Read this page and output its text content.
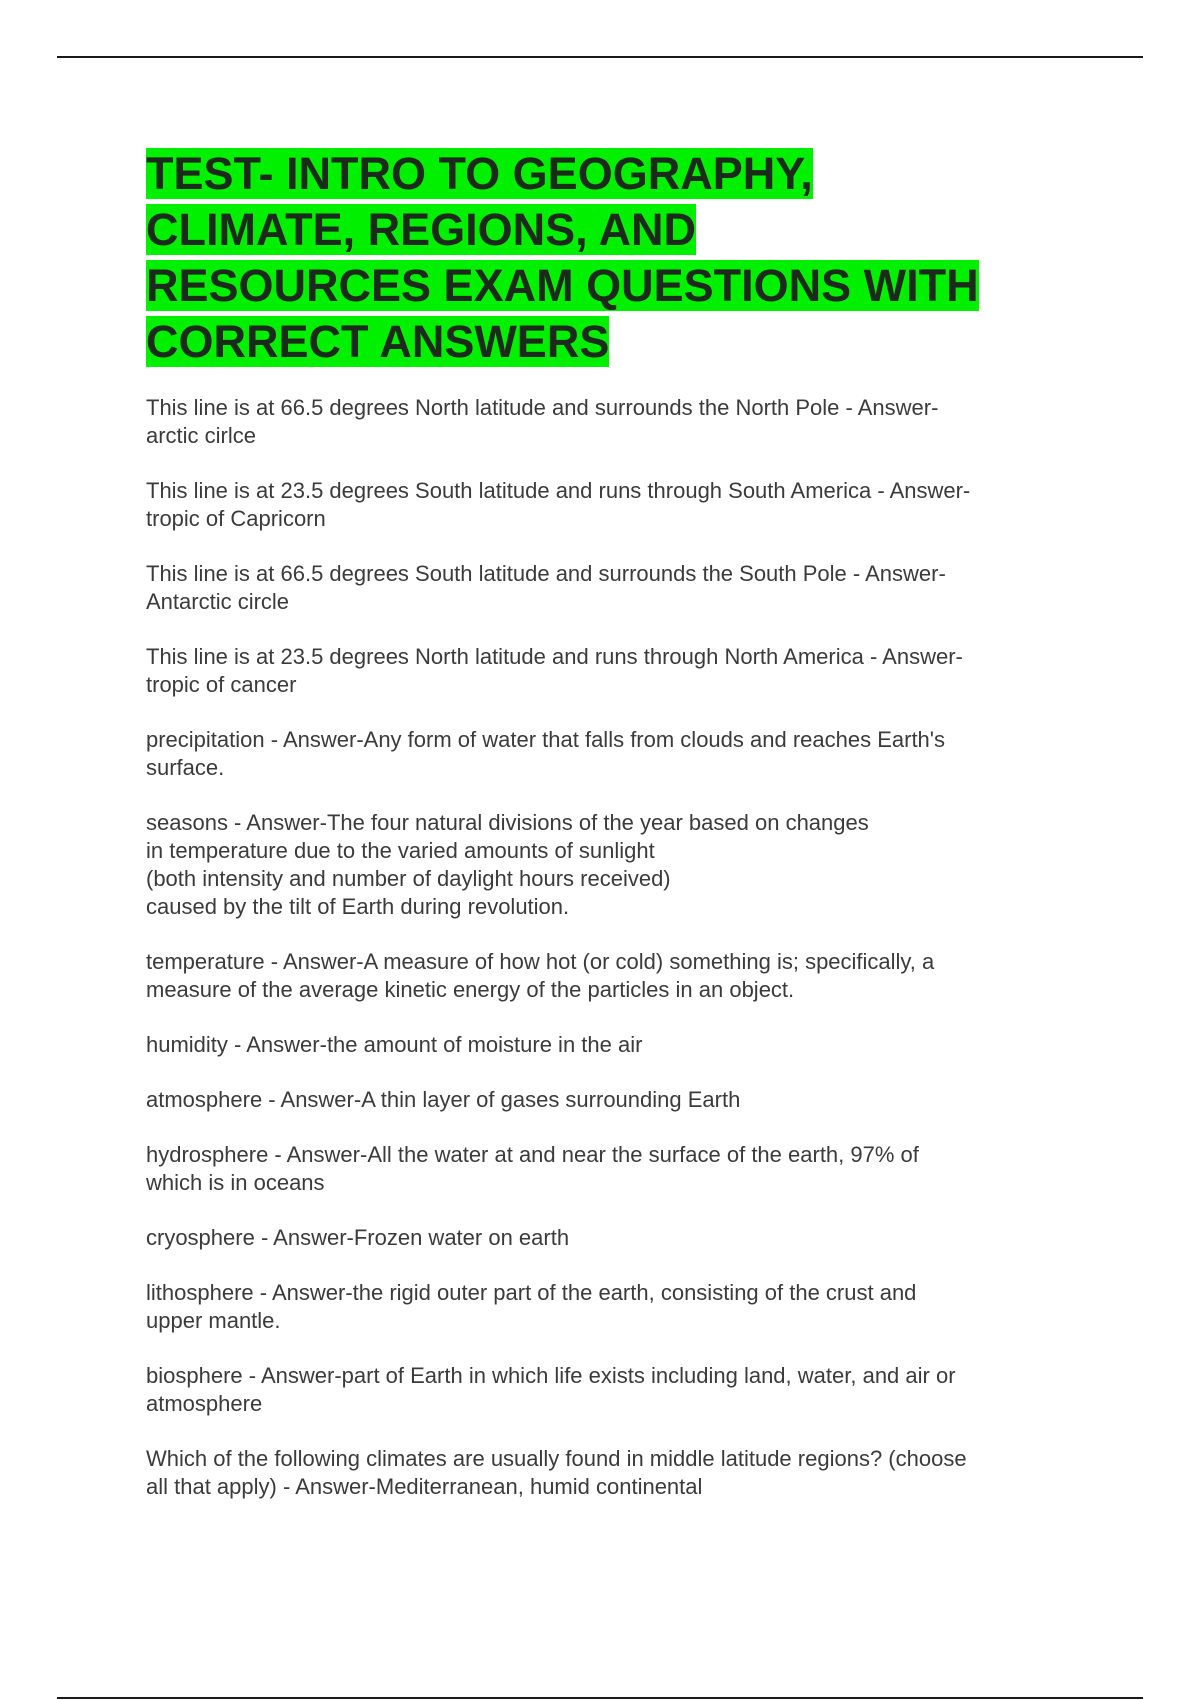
TEST- INTRO TO GEOGRAPHY,
CLIMATE, REGIONS, AND
RESOURCES EXAM QUESTIONS WITH
CORRECT ANSWERS
This line is at 66.5 degrees North latitude and surrounds the North Pole - Answer-
arctic cirlce
This line is at 23.5 degrees South latitude and runs through South America - Answer-
tropic of Capricorn
This line is at 66.5 degrees South latitude and surrounds the South Pole - Answer-
Antarctic circle
This line is at 23.5 degrees North latitude and runs through North America - Answer-
tropic of cancer
precipitation - Answer-Any form of water that falls from clouds and reaches Earth's
surface.
seasons - Answer-The four natural divisions of the year based on changes
in temperature due to the varied amounts of sunlight
(both intensity and number of daylight hours received)
caused by the tilt of Earth during revolution.
temperature - Answer-A measure of how hot (or cold) something is; specifically, a
measure of the average kinetic energy of the particles in an object.
humidity - Answer-the amount of moisture in the air
atmosphere - Answer-A thin layer of gases surrounding Earth
hydrosphere - Answer-All the water at and near the surface of the earth, 97% of
which is in oceans
cryosphere - Answer-Frozen water on earth
lithosphere - Answer-the rigid outer part of the earth, consisting of the crust and
upper mantle.
biosphere - Answer-part of Earth in which life exists including land, water, and air or
atmosphere
Which of the following climates are usually found in middle latitude regions? (choose
all that apply) - Answer-Mediterranean, humid continental
